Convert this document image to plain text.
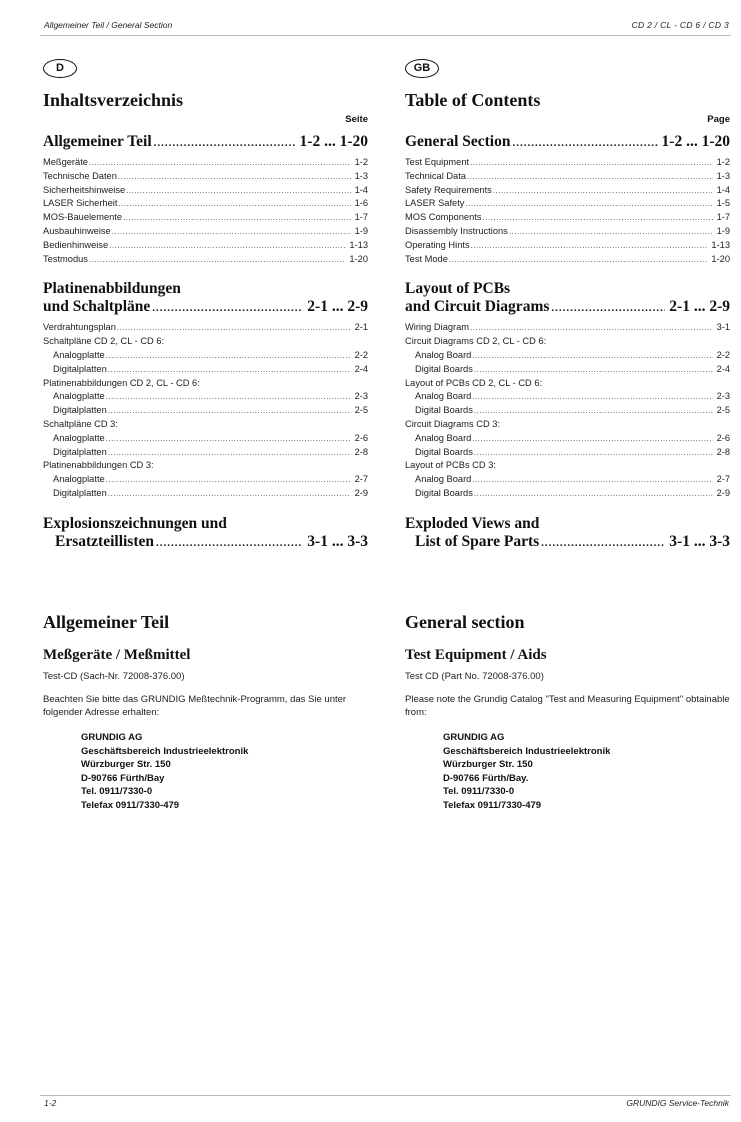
Allgemeiner Teil / General Section	CD 2 / CL - CD 6 / CD 3
D
Inhaltsverzeichnis
Seite
Allgemeiner Teil .....	1-2 ... 1-20
Meßgeräte .....	1-2
Technische Daten .....	1-3
Sicherheitshinweise .....	1-4
LASER Sicherheit .....	1-6
MOS-Bauelemente .....	1-7
Ausbauhinweise .....	1-9
Bedienhinweise .....	1-13
Testmodus .....	1-20
Platinenabbildungen
und Schaltpläne .....	2-1 ... 2-9
Verdrahtungsplan .....	2-1
Schaltpläne CD 2, CL - CD 6:
Analogplatte .....	2-2
Digitalplatten .....	2-4
Platinenabbildungen CD 2, CL - CD 6:
Analogplatte .....	2-3
Digitalplatten .....	2-5
Schaltpläne CD 3:
Analogplatte .....	2-6
Digitalplatten .....	2-8
Platinenabbildungen CD 3:
Analogplatte .....	2-7
Digitalplatten .....	2-9
Explosionszeichnungen und
Ersatzteillisten .....	3-1 ... 3-3
GB
Table of Contents
Page
General Section .....	1-2 ... 1-20
Test Equipment .....	1-2
Technical Data .....	1-3
Safety Requirements .....	1-4
LASER Safety .....	1-5
MOS Components .....	1-7
Disassembly Instructions .....	1-9
Operating Hints .....	1-13
Test Mode .....	1-20
Layout of PCBs
and Circuit Diagrams .....	2-1 ... 2-9
Wiring Diagram .....	3-1
Circuit Diagrams CD 2, CL - CD 6:
Analog Board .....	2-2
Digital Boards .....	2-4
Layout of PCBs CD 2, CL - CD 6:
Analog Board .....	2-3
Digital Boards .....	2-5
Circuit Diagrams CD 3:
Analog Board .....	2-6
Digital Boards .....	2-8
Layout of PCBs CD 3:
Analog Board .....	2-7
Digital Boards .....	2-9
Exploded Views and
List of Spare Parts .....	3-1 ... 3-3
Allgemeiner Teil
Meßgeräte / Meßmittel
Test-CD (Sach-Nr. 72008-376.00)
Beachten Sie bitte das GRUNDIG Meßtechnik-Programm, das Sie unter folgender Adresse erhalten:
GRUNDIG AG
Geschäftsbereich Industrieelektronik
Würzburger Str. 150
D-90766 Fürth/Bay
Tel. 0911/7330-0
Telefax 0911/7330-479
General section
Test Equipment / Aids
Test CD (Part No. 72008-376.00)
Please note the Grundig Catalog "Test and Measuring Equipment" obtainable from:
GRUNDIG AG
Geschäftsbereich Industrieelektronik
Würzburger Str. 150
D-90766 Fürth/Bay.
Tel. 0911/7330-0
Telefax 0911/7330-479
1-2	GRUNDIG Service-Technik
